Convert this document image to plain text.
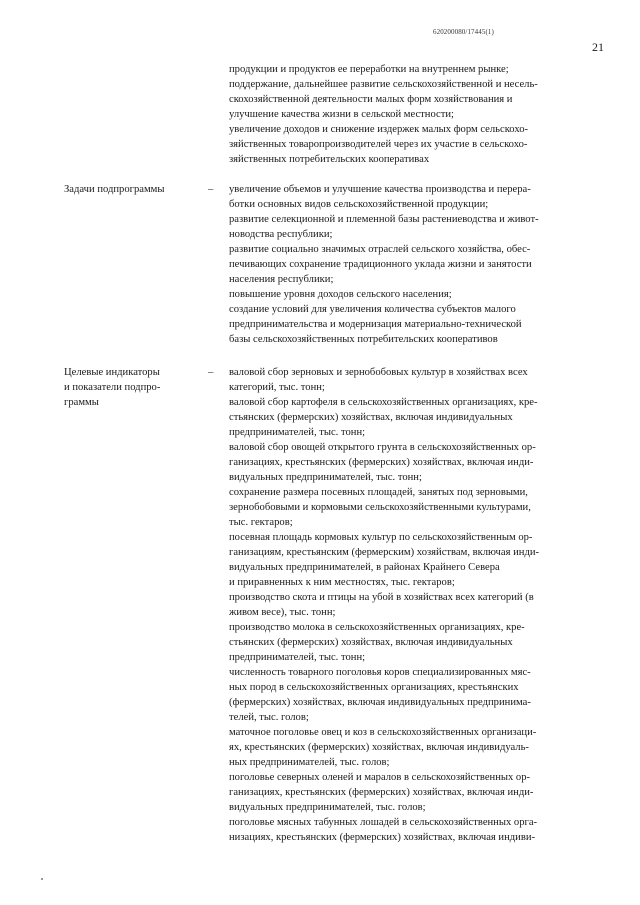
620200080/17445(1)
21
продукции и продуктов ее переработки на внутреннем рынке;
поддержание, дальнейшее развитие сельскохозяйственной и несель-
скохозяйственной деятельности малых форм хозяйствования и
улучшение качества жизни в сельской местности;
увеличение доходов и снижение издержек малых форм сельскохо-
зяйственных товаропроизводителей через их участие в сельскохо-
зяйственных потребительских кооперативах
Задачи подпрограммы	– увеличение объемов и улучшение качества производства и перера-
ботки основных видов сельскохозяйственной продукции;
развитие селекционной и племенной базы растениеводства и живот-
новодства республики;
развитие социально значимых отраслей сельского хозяйства, обес-
печивающих сохранение традиционного уклада жизни и занятости
населения республики;
повышение уровня доходов сельского населения;
создание условий для увеличения количества субъектов малого
предпринимательства и модернизация материально-технической
базы сельскохозяйственных потребительских кооперативов
Целевые индикаторы
и показатели подпро-
граммы
– валовой сбор зерновых и зернобобовых культур в хозяйствах всех
категорий, тыс. тонн;
валовой сбор картофеля в сельскохозяйственных организациях, кре-
стьянских (фермерских) хозяйствах, включая индивидуальных
предпринимателей, тыс. тонн;
валовой сбор овощей открытого грунта в сельскохозяйственных ор-
ганизациях, крестьянских (фермерских) хозяйствах, включая инди-
видуальных предпринимателей, тыс. тонн;
сохранение размера посевных площадей, занятых под зерновыми,
зернобобовыми и кормовыми сельскохозяйственными культурами,
тыс. гектаров;
посевная площадь кормовых культур по сельскохозяйственным ор-
ганизациям, крестьянским (фермерским) хозяйствам, включая инди-
видуальных предпринимателей, в районах Крайнего Севера
и приравненных к ним местностях, тыс. гектаров;
производство скота и птицы на убой в хозяйствах всех категорий (в
живом весе), тыс. тонн;
производство молока в сельскохозяйственных организациях, кре-
стьянских (фермерских) хозяйствах, включая индивидуальных
предпринимателей, тыс. тонн;
численность товарного поголовья коров специализированных мяс-
ных пород в сельскохозяйственных организациях, крестьянских
(фермерских) хозяйствах, включая индивидуальных предпринима-
телей, тыс. голов;
маточное поголовье овец и коз в сельскохозяйственных организаци-
ях, крестьянских (фермерских) хозяйствах, включая индивидуаль-
ных предпринимателей, тыс. голов;
поголовье северных оленей и маралов в сельскохозяйственных ор-
ганизациях, крестьянских (фермерских) хозяйствах, включая инди-
видуальных предпринимателей, тыс. голов;
поголовье мясных табунных лошадей в сельскохозяйственных орга-
низациях, крестьянских (фермерских) хозяйствах, включая индиви-
